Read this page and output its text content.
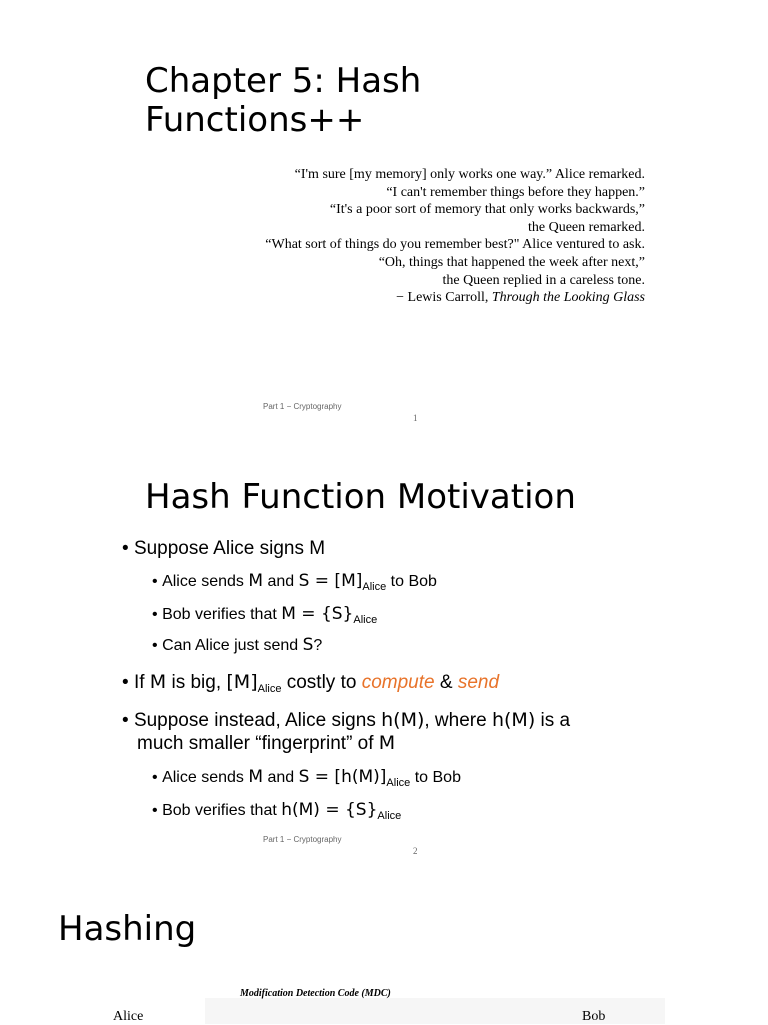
Chapter 5: Hash
Functions++
“I'm sure [my memory] only works one way.” Alice remarked.
“I can't remember things before they happen.”
“It's a poor sort of memory that only works backwards,”
the Queen remarked.
“What sort of things do you remember best?" Alice ventured to ask.
“Oh, things that happened the week after next,”
the Queen replied in a careless tone.
− Lewis Carroll, Through the Looking Glass
Part 1 − Cryptography
1
Hash Function Motivation
• Suppose Alice signs M
• Alice sends M and $S = [M]_{Alice}$ to Bob
• Bob verifies that $M = \{S\}_{Alice}$
• Can Alice just send S?
• If M is big, $[M]_{Alice}$ costly to compute & send
• Suppose instead, Alice signs h(M), where h(M) is a
much smaller “fingerprint” of M
• Alice sends M and $S = [h(M)]_{Alice}$ to Bob
• Bob verifies that $h(M) = \{S\}_{Alice}$
Part 1 − Cryptography
2
Hashing
Modification Detection Code (MDC)
Alice	Bob
